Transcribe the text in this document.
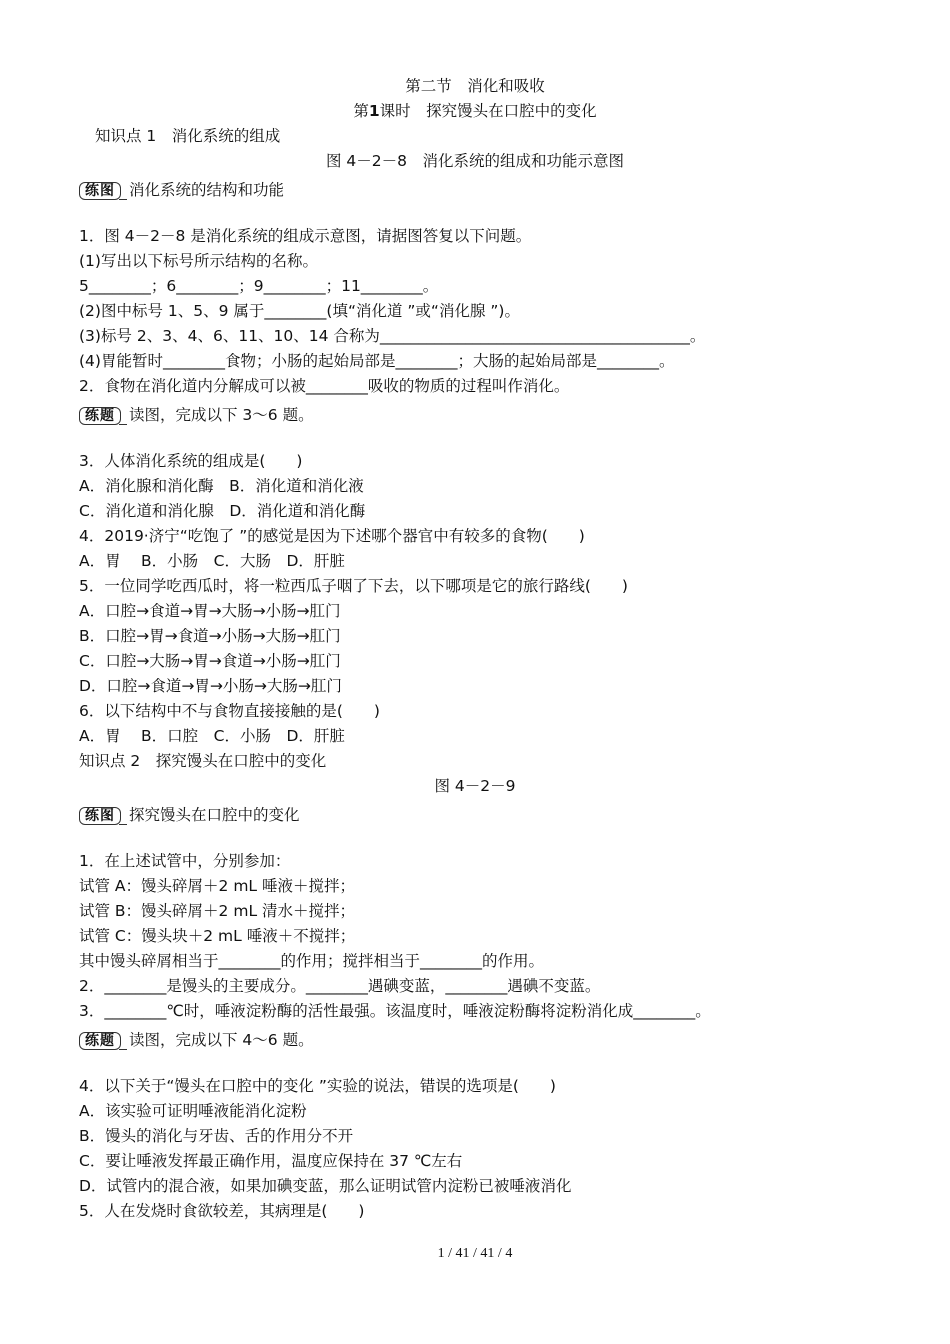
第二节　消化和吸收
第1课时　探究馒头在口腔中的变化
知识点 1　消化系统的组成
图 4－2－8　消化系统的组成和功能示意图
练图 消化系统的结构和功能
1．图 4－2－8 是消化系统的组成示意图，请据图答复以下问题。
(1)写出以下标号所示结构的名称。
5________；6________；9________；11________。
(2)图中标号 1、5、9 属于________(填“消化道 ”或“消化腺 ”)。
(3)标号 2、3、4、6、11、10、14 合称为________________________________________。
(4)胃能暂时________食物；小肠的起始局部是________；大肠的起始局部是________。
2．食物在消化道内分解成可以被________吸收的物质的过程叫作消化。
练题 读图，完成以下 3～6 题。
3．人体消化系统的组成是(　　)
A．消化腺和消化酶　B．消化道和消化液
C．消化道和消化腺　D．消化道和消化酶
4．2019·济宁“吃饱了 ”的感觉是因为下述哪个器官中有较多的食物(　　)
A．胃　 B．小肠　C．大肠　D．肝脏
5．一位同学吃西瓜时，将一粒西瓜子咽了下去，以下哪项是它的旅行路线(　　)
A．口腔→食道→胃→大肠→小肠→肛门
B．口腔→胃→食道→小肠→大肠→肛门
C．口腔→大肠→胃→食道→小肠→肛门
D．口腔→食道→胃→小肠→大肠→肛门
6．以下结构中不与食物直接接触的是(　　)
A．胃　 B．口腔　C．小肠　D．肝脏
知识点 2　探究馒头在口腔中的变化
图 4－2－9
练图 探究馒头在口腔中的变化
1．在上述试管中，分别参加：
试管 A：馒头碎屑＋2 mL 唾液＋搅拌；
试管 B：馒头碎屑＋2 mL 清水＋搅拌；
试管 C：馒头块＋2 mL 唾液＋不搅拌；
其中馒头碎屑相当于________的作用；搅拌相当于________的作用。
2．________是馒头的主要成分。________遇碘变蓝，________遇碘不变蓝。
3．________℃时，唾液淀粉酶的活性最强。该温度时，唾液淀粉酶将淀粉消化成________。
练题 读图，完成以下 4～6 题。
4．以下关于“馒头在口腔中的变化 ”实验的说法，错误的选项是(　　)
A．该实验可证明唾液能消化淀粉
B．馒头的消化与牙齿、舌的作用分不开
C．要让唾液发挥最正确作用，温度应保持在 37 ℃左右
D．试管内的混合液，如果加碘变蓝，那么证明试管内淀粉已被唾液消化
5．人在发烧时食欲较差，其病理是(　　)
1 / 41 / 41 / 4
